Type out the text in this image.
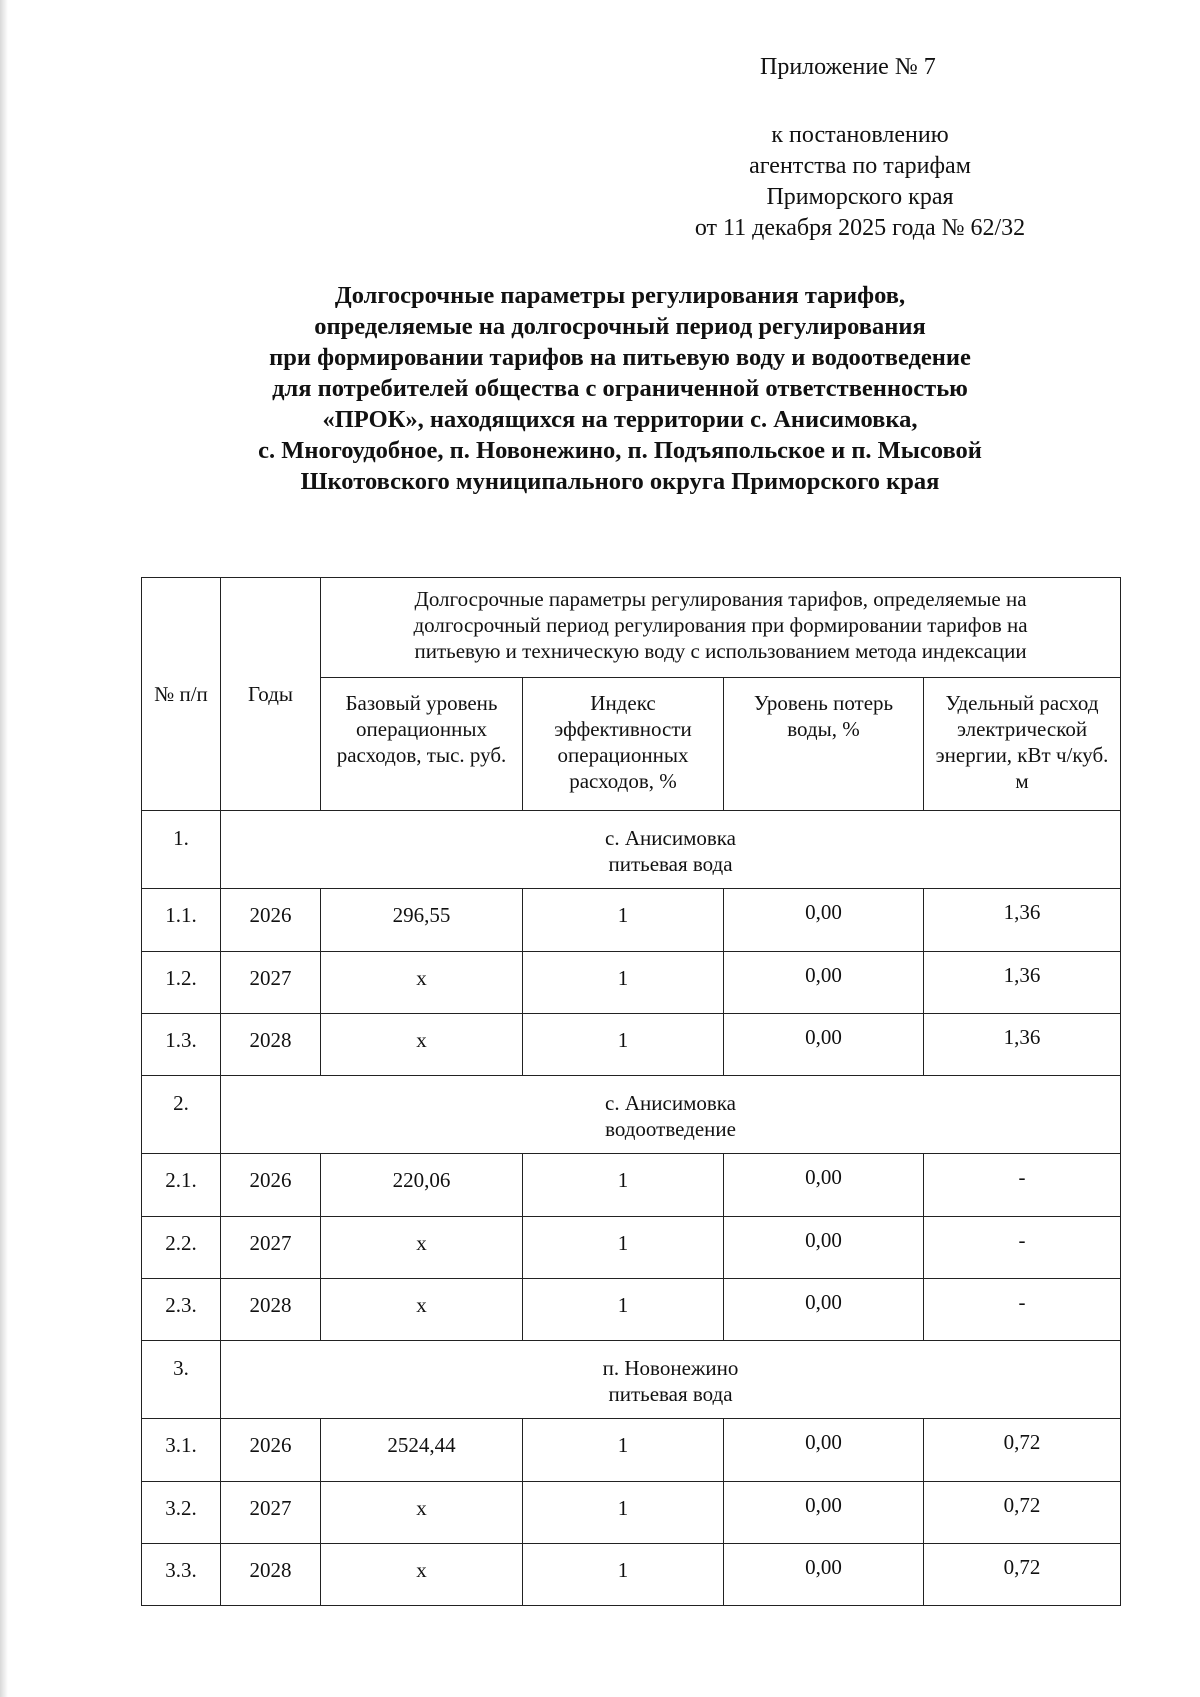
Приложение № 7
к постановлению
агентства по тарифам
Приморского края
от 11 декабря 2025 года № 62/32
Долгосрочные параметры регулирования тарифов,
определяемые на долгосрочный период регулирования
при формировании тарифов на питьевую воду и водоотведение
для потребителей общества с ограниченной ответственностью
«ПРОК», находящихся на территории с. Анисимовка,
с. Многоудобное, п. Новонежино, п. Подъяпольское и п. Мысовой
Шкотовского муниципального округа Приморского края
№ п/п	Годы	Долгосрочные параметры регулирования тарифов, определяемые на
долгосрочный период регулирования при формировании тарифов на
питьевую и техническую воду с использованием метода индексации			

		Базовый уровень операционных расходов, тыс. руб.	Индекс эффективности операционных расходов, %	Уровень потерь воды, %	Удельный расход электрической энергии, кВт ч/куб. м
1.	с. Анисимовка
питьевая вода				

1.1.	2026	296,55	1	0,00	1,36
1.2.	2027	х	1	0,00	1,36
1.3.	2028	х	1	0,00	1,36
2.	с. Анисимовка
водоотведение				

2.1.	2026	220,06	1	0,00	-
2.2.	2027	х	1	0,00	-
2.3.	2028	х	1	0,00	-
3.	п. Новонежино
питьевая вода				

3.1.	2026	2524,44	1	0,00	0,72
3.2.	2027	х	1	0,00	0,72
3.3.	2028	х	1	0,00	0,72
